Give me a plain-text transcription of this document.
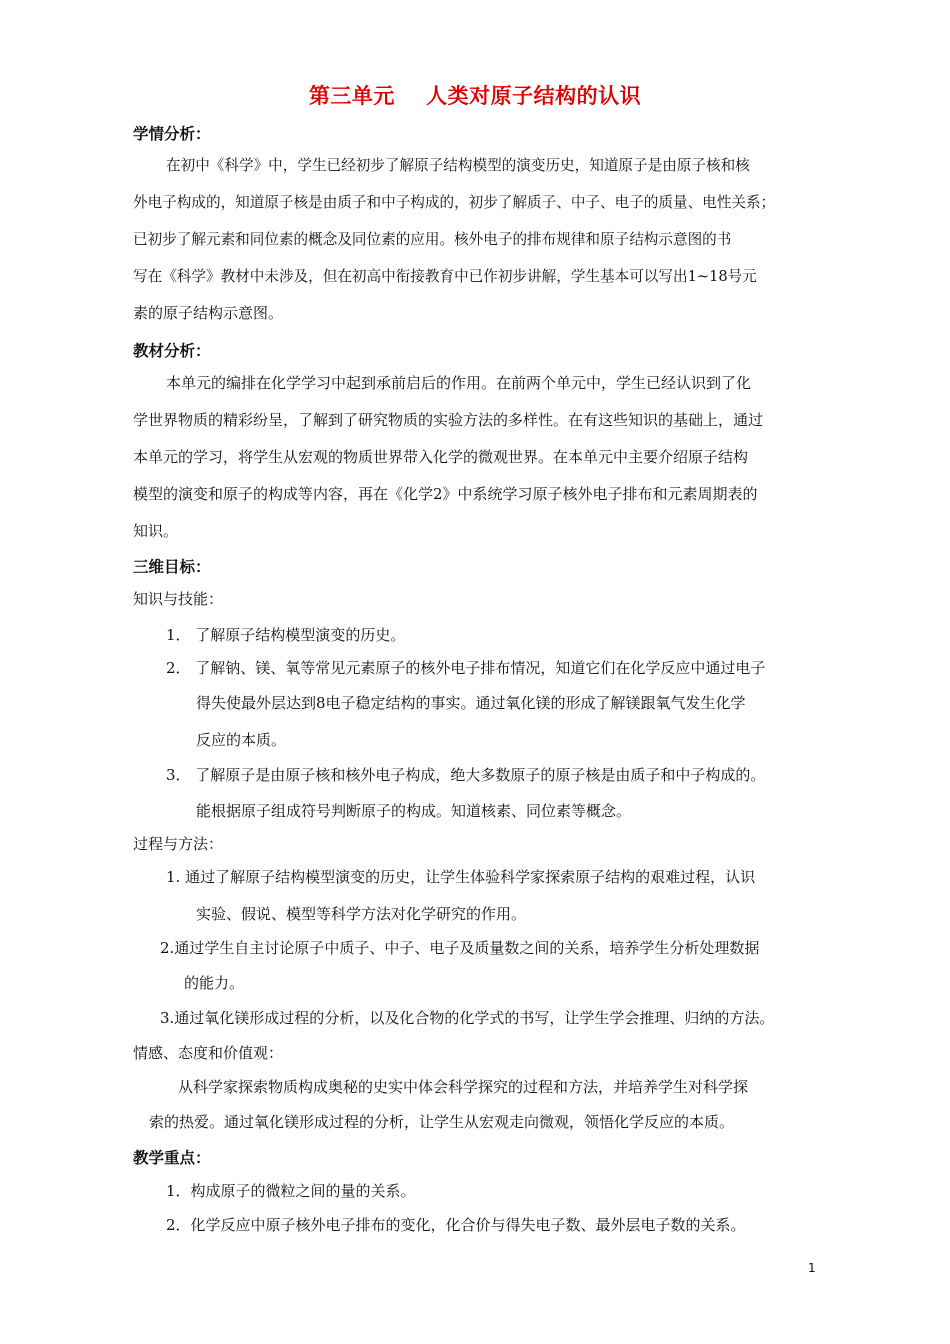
第三单元    人类对原子结构的认识
学情分析：
在初中《科学》中，学生已经初步了解原子结构模型的演变历史，知道原子是由原子核和核
外电子构成的，知道原子核是由质子和中子构成的，初步了解质子、中子、电子的质量、电性关系；
已初步了解元素和同位素的概念及同位素的应用。核外电子的排布规律和原子结构示意图的书
写在《科学》教材中未涉及，但在初高中衔接教育中已作初步讲解，学生基本可以写出1~18号元
素的原子结构示意图。
教材分析：
本单元的编排在化学学习中起到承前启后的作用。在前两个单元中，学生已经认识到了化
学世界物质的精彩纷呈，了解到了研究物质的实验方法的多样性。在有这些知识的基础上，通过
本单元的学习，将学生从宏观的物质世界带入化学的微观世界。在本单元中主要介绍原子结构
模型的演变和原子的构成等内容，再在《化学2》中系统学习原子核外电子排布和元素周期表的
知识。
三维目标：
知识与技能：
1． 了解原子结构模型演变的历史。
2． 了解钠、镁、氧等常见元素原子的核外电子排布情况，知道它们在化学反应中通过电子
得失使最外层达到8电子稳定结构的事实。通过氧化镁的形成了解镁跟氧气发生化学
反应的本质。
3． 了解原子是由原子核和核外电子构成，绝大多数原子的原子核是由质子和中子构成的。
能根据原子组成符号判断原子的构成。知道核素、同位素等概念。
过程与方法：
1. 通过了解原子结构模型演变的历史，让学生体验科学家探索原子结构的艰难过程，认识
实验、假说、模型等科学方法对化学研究的作用。
2.通过学生自主讨论原子中质子、中子、电子及质量数之间的关系，培养学生分析处理数据
的能力。
3.通过氧化镁形成过程的分析，以及化合物的化学式的书写，让学生学会推理、归纳的方法。
情感、态度和价值观：
从科学家探索物质构成奥秘的史实中体会科学探究的过程和方法，并培养学生对科学探
索的热爱。通过氧化镁形成过程的分析，让学生从宏观走向微观，领悟化学反应的本质。
教学重点：
1．构成原子的微粒之间的量的关系。
2．化学反应中原子核外电子排布的变化，化合价与得失电子数、最外层电子数的关系。
1
